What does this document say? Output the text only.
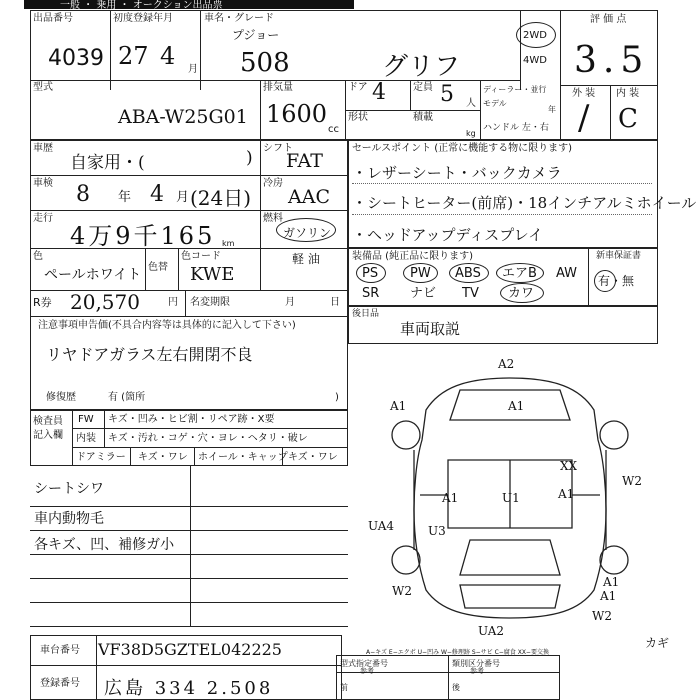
一般 ・ 乗用 ・ オークション出品票
出品番号
4039
初度登録年月
27 4 月
車名・グレード
プジョー
508	グリフ
2WD
4WD
評 価 点
3.5
外 装 内 装
/ C
型式
ABA-W25G01
排気量
1600
cc
ドア 4	定員 5 人
形状	積載
kg
ディーラー・並行
モデル
年
ハンドル 左・右
車歴
自家用・(	)
車検 8 年 4 月 (24日)
走行
4万9千165 km
色
ペールホワイト 色替
色コード
KWE
R券 20,570	円 名変期限	月	日
注意事項申告価(不具合内容等は具体的に記入して下さい)
リヤドアガラス左右開閉不良
修復歴	有 (箇所	)
シフト
FAT
冷房
AAC
燃料
ガソリン
軽 油
セールスポイント (正常に機能する物に限ります)
・レザーシート・バックカメラ
・シートヒーター(前席)・18インチアルミホイール
・ヘッドアップディスプレイ
装備品 (純正品に限ります)
PS PW ABS エアB AW
SR ナビ TV カワ
新車保証書
有・無
後日品
車両取説
検査員
記入欄
FW キズ・凹み・ヒビ割・リペア跡・X要
内装 キズ・汚れ・コゲ・穴・ヨレ・ヘタリ・破レ
ドアミラー キズ・ワレ ホイール・キャップ キズ・ワレ
シートシワ
車内動物毛
各キズ、凹、補修ガ小
A2
A1	A1
XX
W2
A1	U1	A1
UA4	U3
W2	A1
W2
UA2
A1
A−キズ E−エクボ U−凹み W−修理跡 S−サビ C−腐食 XX−要交換
カギ
車台番号 VF38D5GZTEL042225
登録番号 広島 334 2.508
型式指定番号	類別区分番号
参考	参考
前	後
